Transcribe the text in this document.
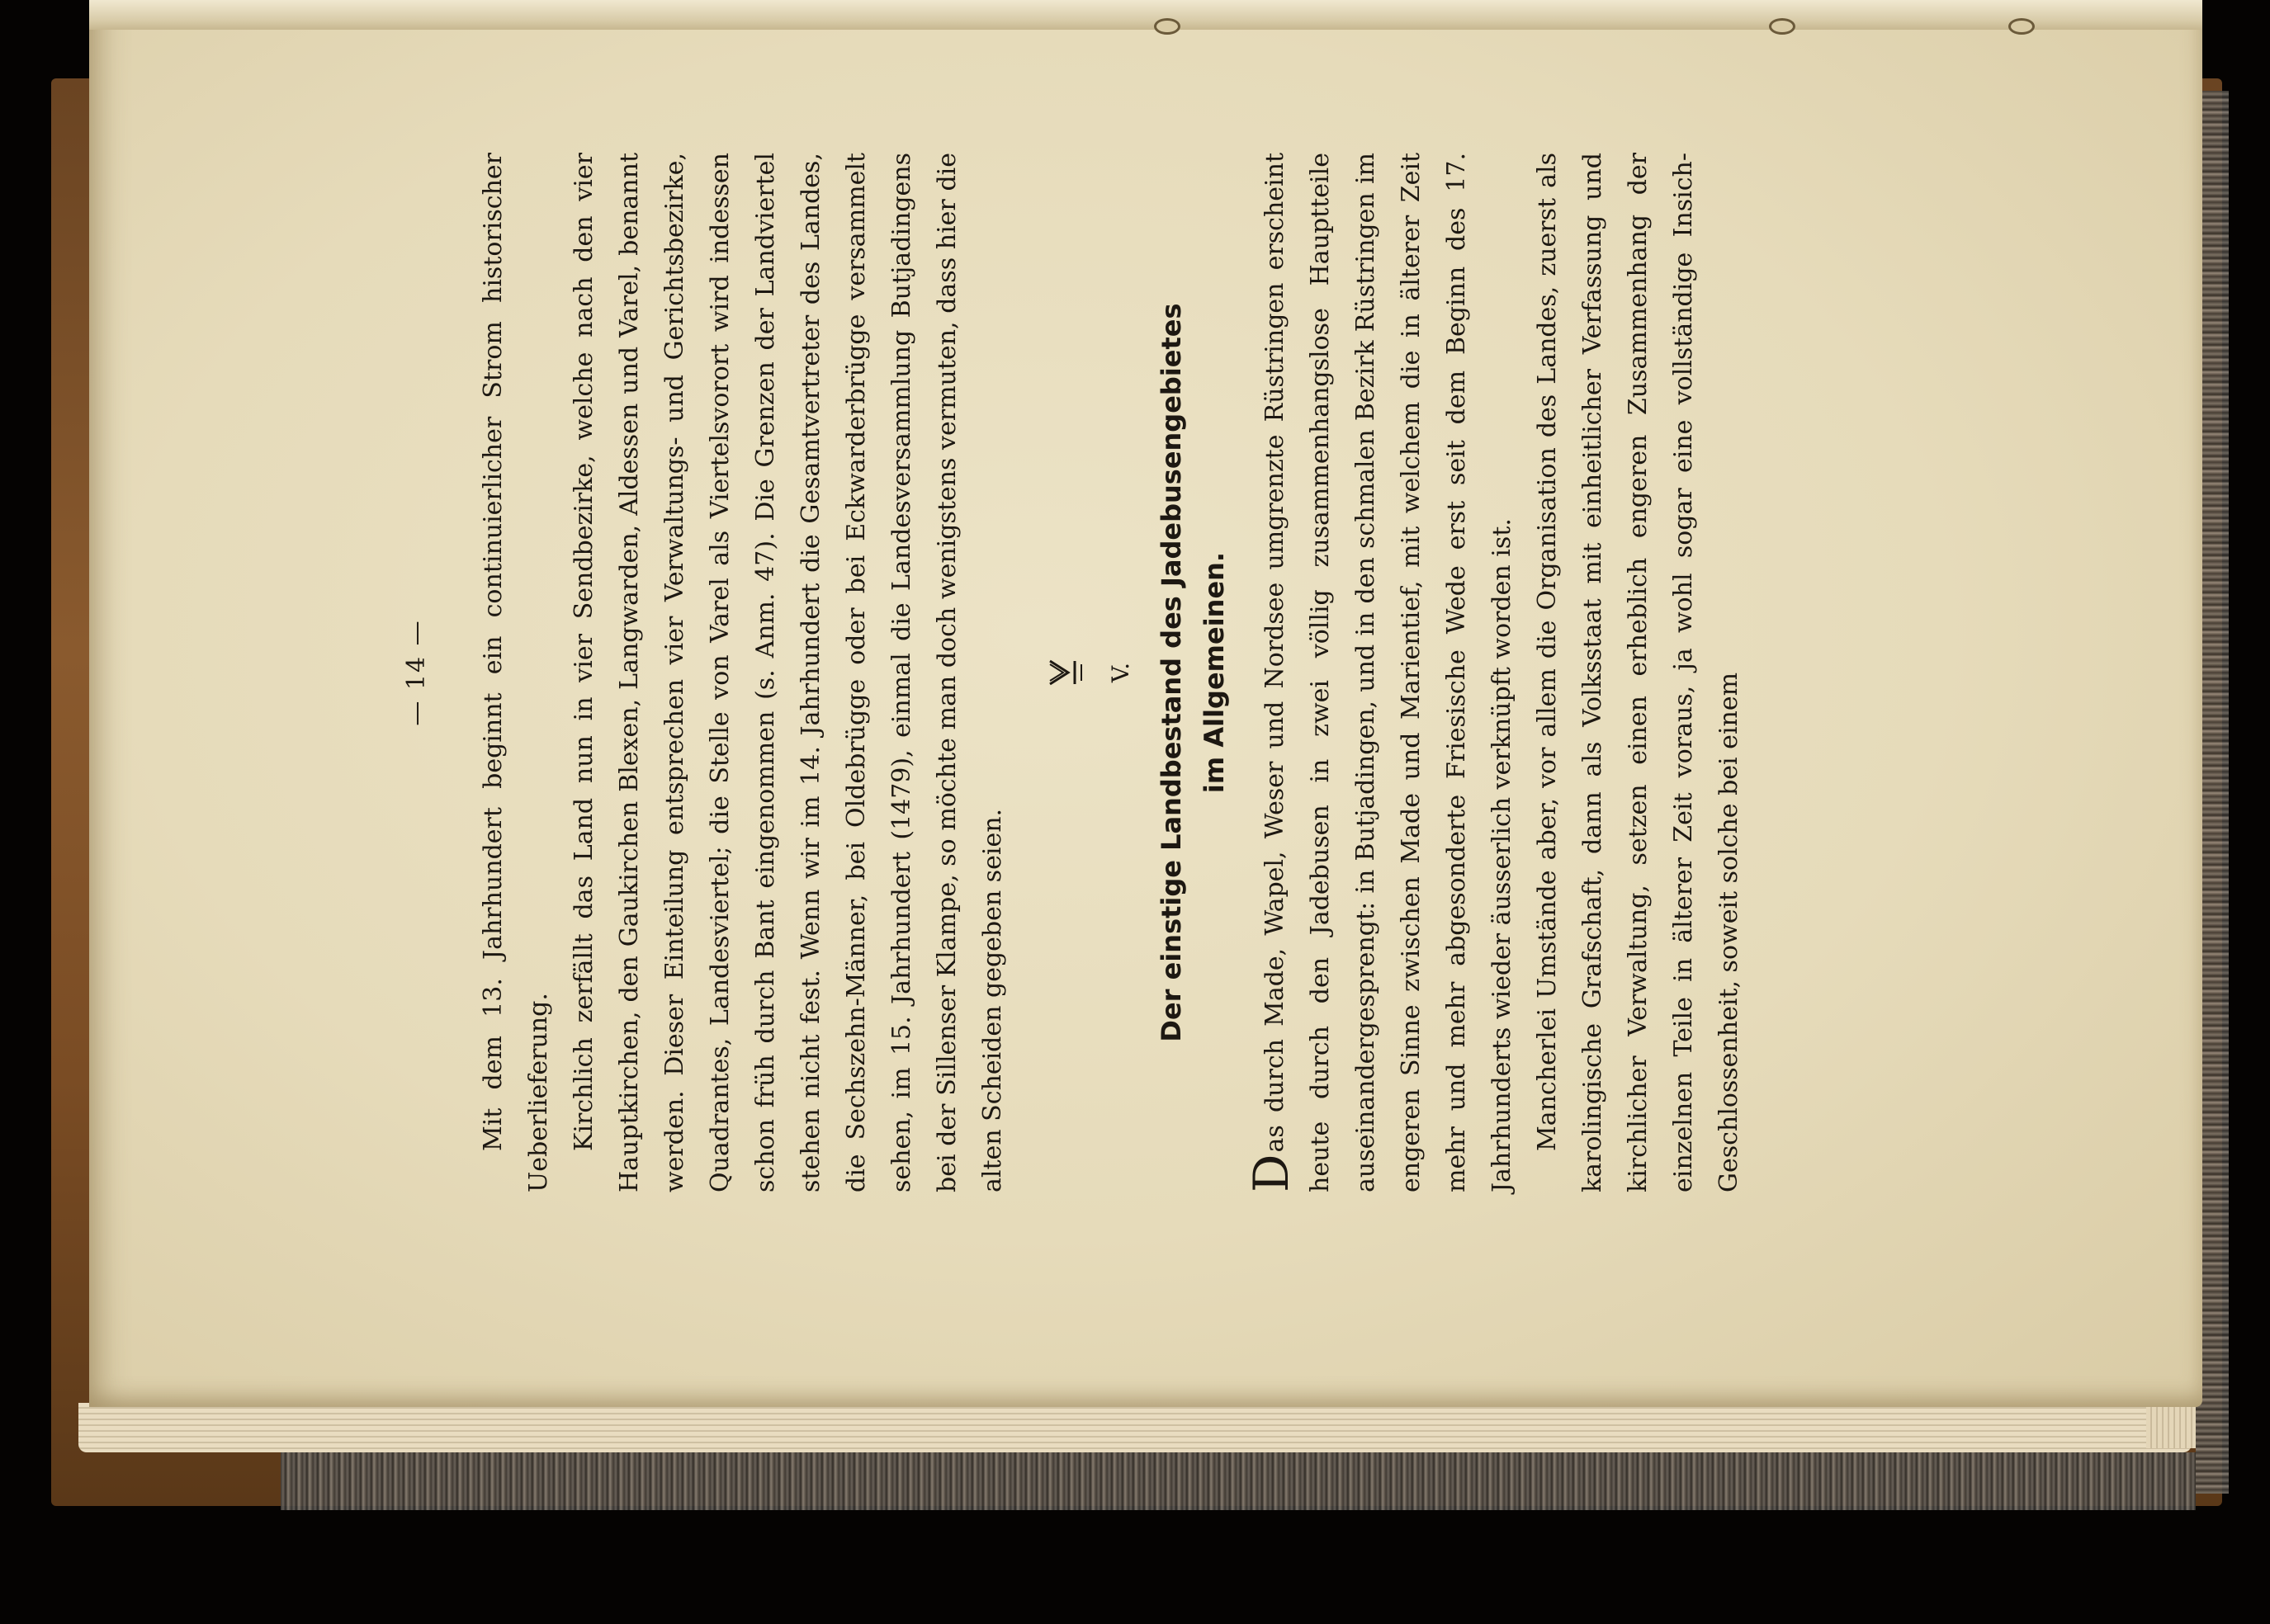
— 14 —	Mit dem 13. Jahrhundert beginnt ein continuierlicher Strom historischer Ueberlieferung. Kirchlich zerfällt das Land nun in vier Sendbezirke, welche nach den vier Hauptkirchen, den Gaukirchen Blexen, Langwarden, Aldessen und Varel, benannt werden. Dieser Einteilung entsprechen vier Verwaltungs- und Gerichtsbezirke, Quadrantes, Landesviertel; die Stelle von Varel als Viertelsvorort wird indessen schon früh durch Bant eingenommen (s. Anm. 47). Die Grenzen der Landviertel stehen nicht fest. Wenn wir im 14. Jahrhundert die Gesamtvertreter des Landes, die Sechszehn-Männer, bei Oldebrügge oder bei Eckwarderbrügge versammelt sehen, im 15. Jahrhundert (1479), einmal die Landesversammlung Butjadingens bei der Sillenser Klampe, so möchte man doch wenigstens vermuten, dass hier die alten Scheiden gegeben seien.

V. Der einstige Landbestand des Jadebusengebietes im Allgemeinen.

Das durch Made, Wapel, Weser und Nordsee umgrenzte Rüstringen erscheint heute durch den Jadebusen in zwei völlig zusammenhangslose Hauptteile auseinandergesprengt: in Butjadingen, und in den schmalen Bezirk Rüstringen im engeren Sinne zwischen Made und Marientief, mit welchem die in älterer Zeit mehr und mehr abgesonderte Friesische Wede erst seit dem Beginn des 17. Jahrhunderts wieder äusserlich verknüpft worden ist. Mancherlei Umstände aber, vor allem die Organisation des Landes, zuerst als karolingische Grafschaft, dann als Volksstaat mit einheitlicher Verfassung und kirchlicher Verwaltung, setzen einen erheblich engeren Zusammenhang der einzelnen Teile in älterer Zeit voraus, ja wohl sogar eine vollständige Insich-Geschlossenheit, soweit solche bei einem
